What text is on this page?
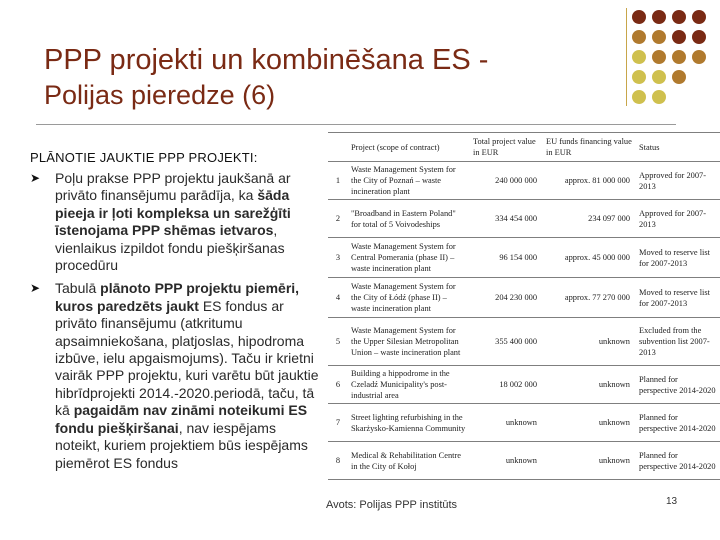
PPP projekti un kombinēšana ES -
Polijas pieredze (6)
PLĀNOTIE JAUKTIE PPP PROJEKTI:
➤ Poļu prakse PPP projektu jaukšanā ar privāto finansējumu parādīja, ka šāda pieeja ir ļoti kompleksa un sarežģīti īstenojama PPP shēmas ietvaros, vienlaikus izpildot fondu piešķiršanas procedūru
➤ Tabulā plānoto PPP projektu piemēri, kuros paredzēts jaukt ES fondus ar privāto finansējumu (atkritumu apsaimniekošana, platjoslas, hipodroma izbūve, ielu apgaismojums). Taču ir krietni vairāk PPP projektu, kuri varētu būt jauktie hibrīdprojekti 2014.-2020.periodā, taču, tā kā pagaidām nav zināmi noteikumi ES fondu piešķiršanai, nav iespējams noteikt, kuriem projektiem būs iespējams piemērot ES fondus
	Project (scope of contract)	Total project value in EUR	EU funds financing value in EUR	Status
1	Waste Management System for the City of Poznań – waste incineration plant	240 000 000	approx. 81 000 000	Approved for 2007-2013
2	"Broadband in Eastern Poland" for total of 5 Voivodeships	334 454 000	234 097 000	Approved for 2007-2013
3	Waste Management System for Central Pomerania (phase II) – waste incineration plant	96 154 000	approx. 45 000 000	Moved to reserve list for 2007-2013
4	Waste Management System for the City of Łódź (phase II) – waste incineration plant	204 230 000	approx. 77 270 000	Moved to reserve list for 2007-2013
5	Waste Management System for the Upper Silesian Metropolitan Union – waste incineration plant	355 400 000	unknown	Excluded from the subvention list 2007-2013
6	Building a hippodrome in the Czeladź Municipality's post-industrial area	18 002 000	unknown	Planned for perspective 2014-2020
7	Street lighting refurbishing in the Skarżysko-Kamienna Community	unknown	unknown	Planned for perspective 2014-2020
8	Medical & Rehabilitation Centre in the City of Kołoj	unknown	unknown	Planned for perspective 2014-2020
Avots: Polijas PPP institūts	13
